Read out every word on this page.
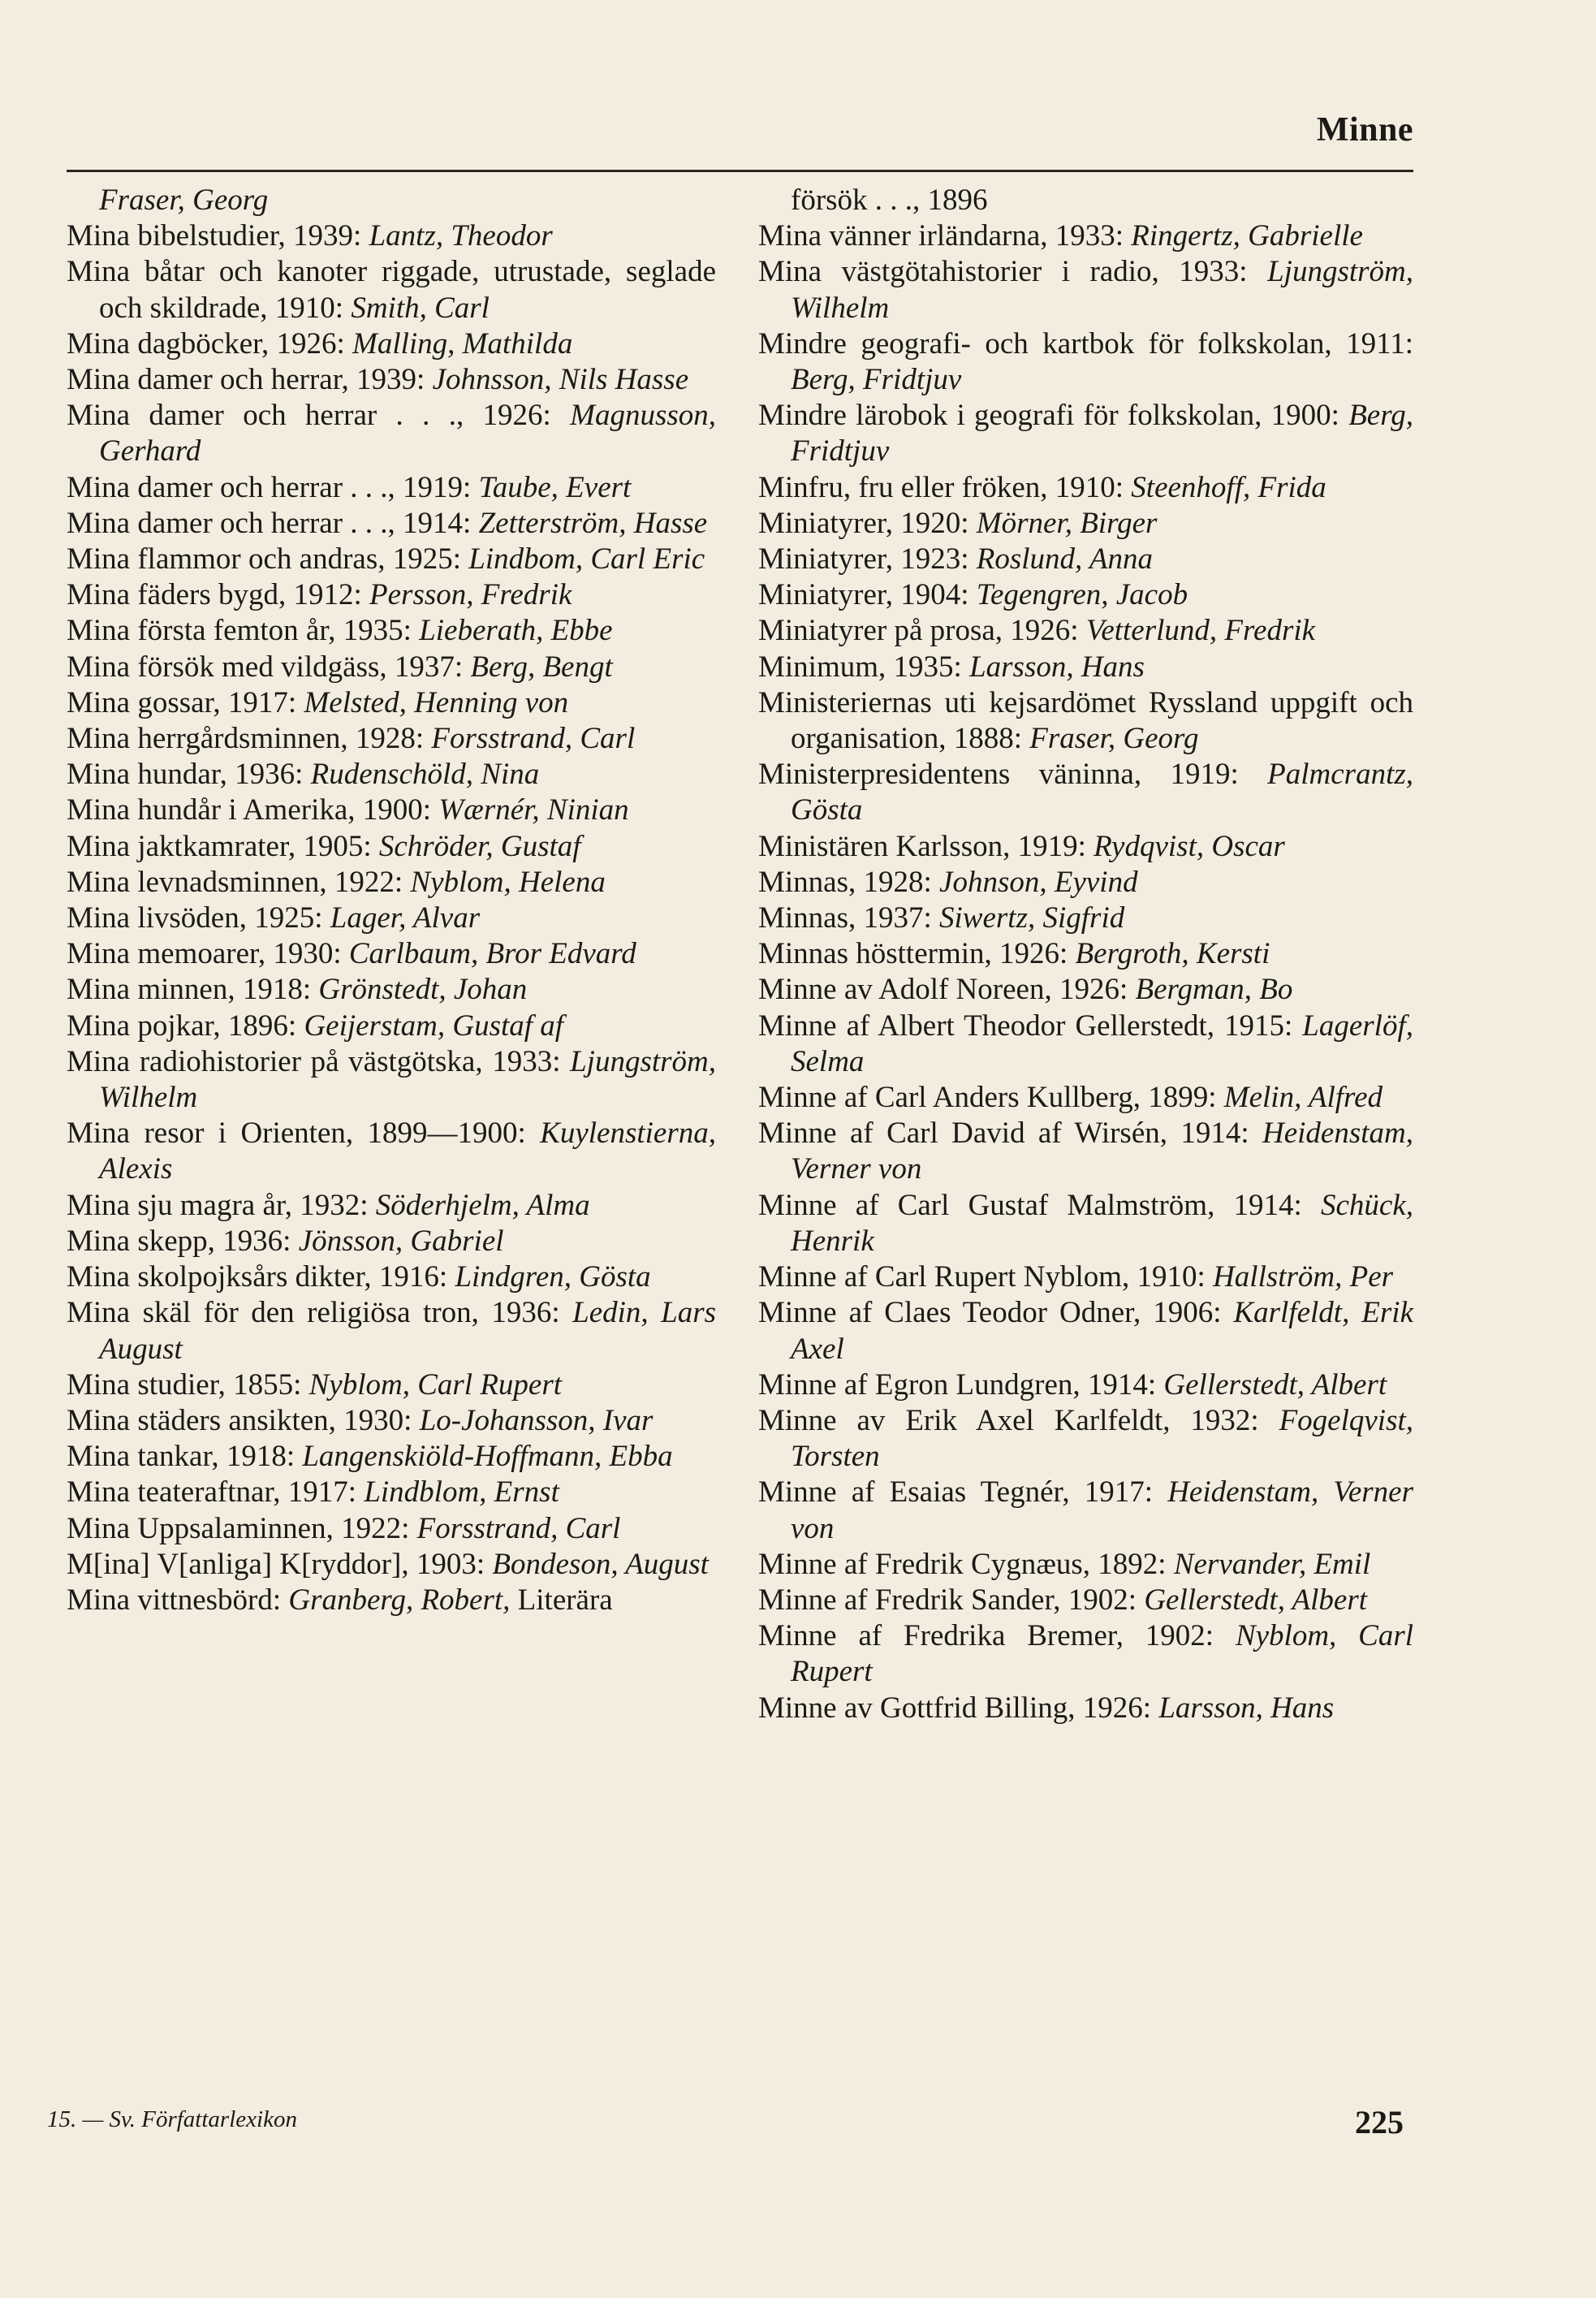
Minne

Fraser, Georg

Mina bibelstudier, 1939: Lantz, Theodor

Mina båtar och kanoter riggade, utrustade, seglade och skildrade, 1910: Smith, Carl

Mina dagböcker, 1926: Malling, Mathilda

Mina damer och herrar, 1939: Johnsson, Nils Hasse

Mina damer och herrar . . ., 1926: Magnusson, Gerhard

Mina damer och herrar . . ., 1919: Taube, Evert

Mina damer och herrar . . ., 1914: Zetterström, Hasse

Mina flammor och andras, 1925: Lindbom, Carl Eric

Mina fäders bygd, 1912: Persson, Fredrik

Mina första femton år, 1935: Lieberath, Ebbe

Mina försök med vildgäss, 1937: Berg, Bengt

Mina gossar, 1917: Melsted, Henning von

Mina herrgårdsminnen, 1928: Forsstrand, Carl

Mina hundar, 1936: Rudenschöld, Nina

Mina hundår i Amerika, 1900: Wærnér, Ninian

Mina jaktkamrater, 1905: Schröder, Gustaf

Mina levnadsminnen, 1922: Nyblom, Helena

Mina livsöden, 1925: Lager, Alvar

Mina memoarer, 1930: Carlbaum, Bror Edvard

Mina minnen, 1918: Grönstedt, Johan

Mina pojkar, 1896: Geijerstam, Gustaf af

Mina radiohistorier på västgötska, 1933: Ljungström, Wilhelm

Mina resor i Orienten, 1899—1900: Kuylenstierna, Alexis

Mina sju magra år, 1932: Söderhjelm, Alma

Mina skepp, 1936: Jönsson, Gabriel

Mina skolpojksårs dikter, 1916: Lindgren, Gösta

Mina skäl för den religiösa tron, 1936: Ledin, Lars August

Mina studier, 1855: Nyblom, Carl Rupert

Mina städers ansikten, 1930: Lo-Johansson, Ivar

Mina tankar, 1918: Langenskiöld-Hoffmann, Ebba

Mina teateraftnar, 1917: Lindblom, Ernst

Mina Uppsalaminnen, 1922: Forsstrand, Carl

M[ina] V[anliga] K[ryddor], 1903: Bondeson, August

Mina vittnesbörd: Granberg, Robert, Literära

försök . . ., 1896

Mina vänner irländarna, 1933: Ringertz, Gabrielle

Mina västgötahistorier i radio, 1933: Ljungström, Wilhelm

Mindre geografi- och kartbok för folkskolan, 1911: Berg, Fridtjuv

Mindre lärobok i geografi för folkskolan, 1900: Berg, Fridtjuv

Minfru, fru eller fröken, 1910: Steenhoff, Frida

Miniatyrer, 1920: Mörner, Birger

Miniatyrer, 1923: Roslund, Anna

Miniatyrer, 1904: Tegengren, Jacob

Miniatyrer på prosa, 1926: Vetterlund, Fredrik

Minimum, 1935: Larsson, Hans

Ministeriernas uti kejsardömet Ryssland uppgift och organisation, 1888: Fraser, Georg

Ministerpresidentens väninna, 1919: Palmcrantz, Gösta

Ministären Karlsson, 1919: Rydqvist, Oscar

Minnas, 1928: Johnson, Eyvind

Minnas, 1937: Siwertz, Sigfrid

Minnas hösttermin, 1926: Bergroth, Kersti

Minne av Adolf Noreen, 1926: Bergman, Bo

Minne af Albert Theodor Gellerstedt, 1915: Lagerlöf, Selma

Minne af Carl Anders Kullberg, 1899: Melin, Alfred

Minne af Carl David af Wirsén, 1914: Heidenstam, Verner von

Minne af Carl Gustaf Malmström, 1914: Schück, Henrik

Minne af Carl Rupert Nyblom, 1910: Hallström, Per

Minne af Claes Teodor Odner, 1906: Karlfeldt, Erik Axel

Minne af Egron Lundgren, 1914: Gellerstedt, Albert

Minne av Erik Axel Karlfeldt, 1932: Fogelqvist, Torsten

Minne af Esaias Tegnér, 1917: Heidenstam, Verner von

Minne af Fredrik Cygnæus, 1892: Nervander, Emil

Minne af Fredrik Sander, 1902: Gellerstedt, Albert

Minne af Fredrika Bremer, 1902: Nyblom, Carl Rupert

Minne av Gottfrid Billing, 1926: Larsson, Hans

15. — Sv. Författarlexikon	225
